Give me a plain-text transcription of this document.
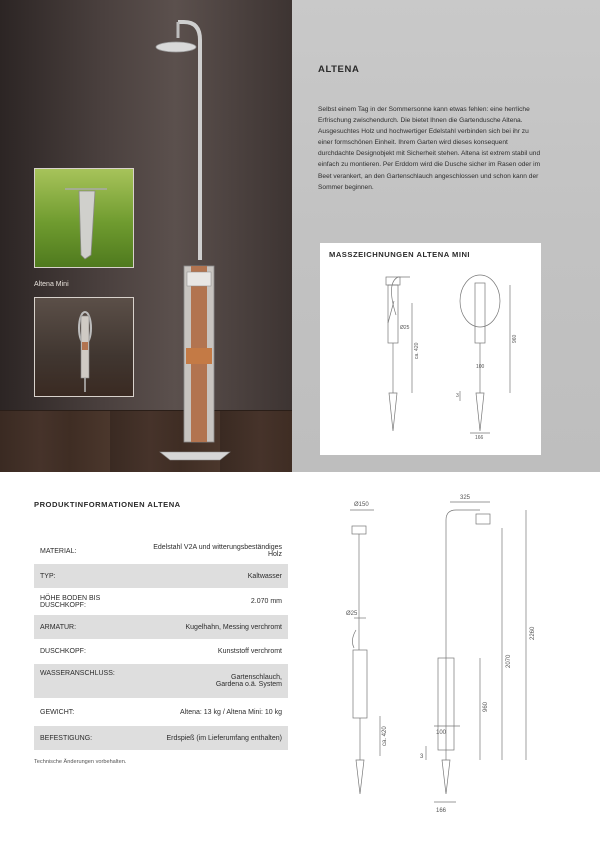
Altena Mini
ALTENA
Selbst einem Tag in der Sommersonne kann etwas fehlen: eine herrliche Erfrischung zwischendurch. Die bietet Ihnen die Gartendusche Altena. Ausgesuchtes Holz und hochwertiger Edelstahl verbinden sich bei ihr zu einer formschönen Einheit. Ihrem Garten wird dieses konsequent durchdachte Designobjekt mit Sicherheit stehen. Altena ist extrem stabil und einfach zu montieren. Per Erddorn wird die Dusche sicher im Rasen oder im Beet verankert, an den Gartenschlauch angeschlossen und schon kann der Sommer beginnen.
Ø25
ca. 420
960
100
166
3
MASSZEICHNUNGEN ALTENA MINI
PRODUKTINFORMATIONEN ALTENA
MATERIAL:	Edelstahl V2A und witterungsbeständiges Holz
TYP:	Kaltwasser
HÖHE BODEN BIS DUSCHKOPF:	2.070 mm
ARMATUR:	Kugelhahn, Messing verchromt
DUSCHKOPF:	Kunststoff verchromt
WASSERANSCHLUSS:	Gartenschlauch,
Gardena o.ä. System

GEWICHT:	Altena: 13 kg / Altena Mini: 10 kg
BEFESTIGUNG:	Erdspieß (im Lieferumfang enthalten)
Technische Änderungen vorbehalten.
Ø150
325
Ø25
2260
2070
960
100
ca. 420
3
166
